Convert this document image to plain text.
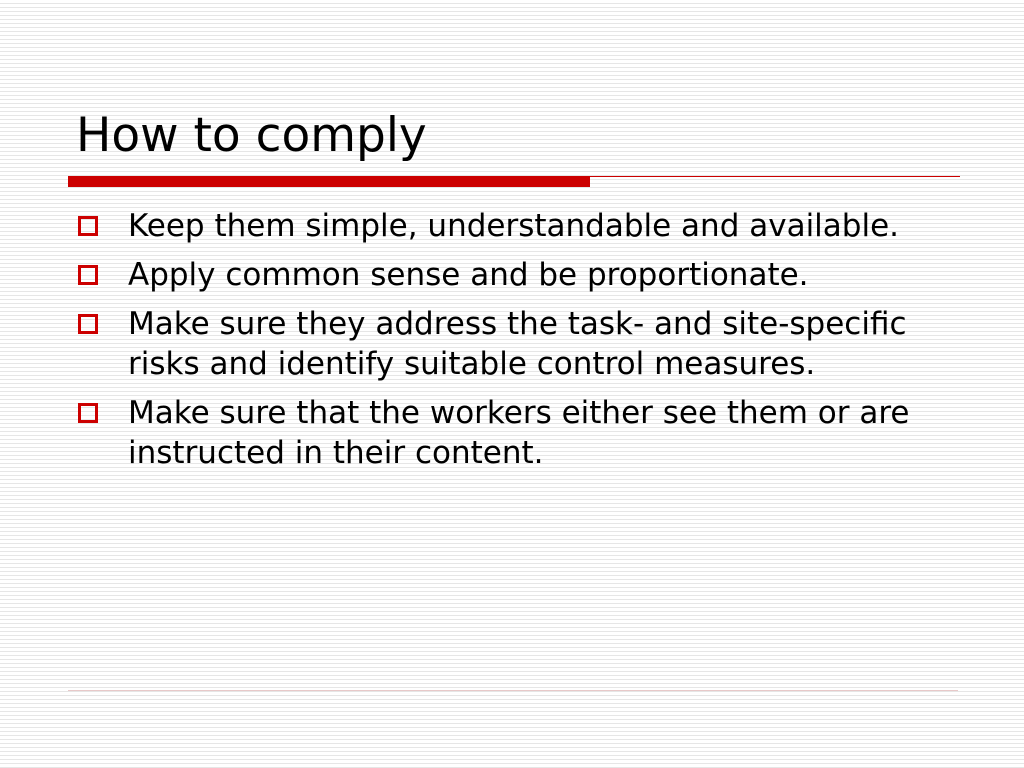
How to comply
Keep them simple, understandable and available.
Apply common sense and be proportionate.
Make sure they address the task- and site-specific risks and identify suitable control measures.
Make sure that the workers either see them or are instructed in their content.
